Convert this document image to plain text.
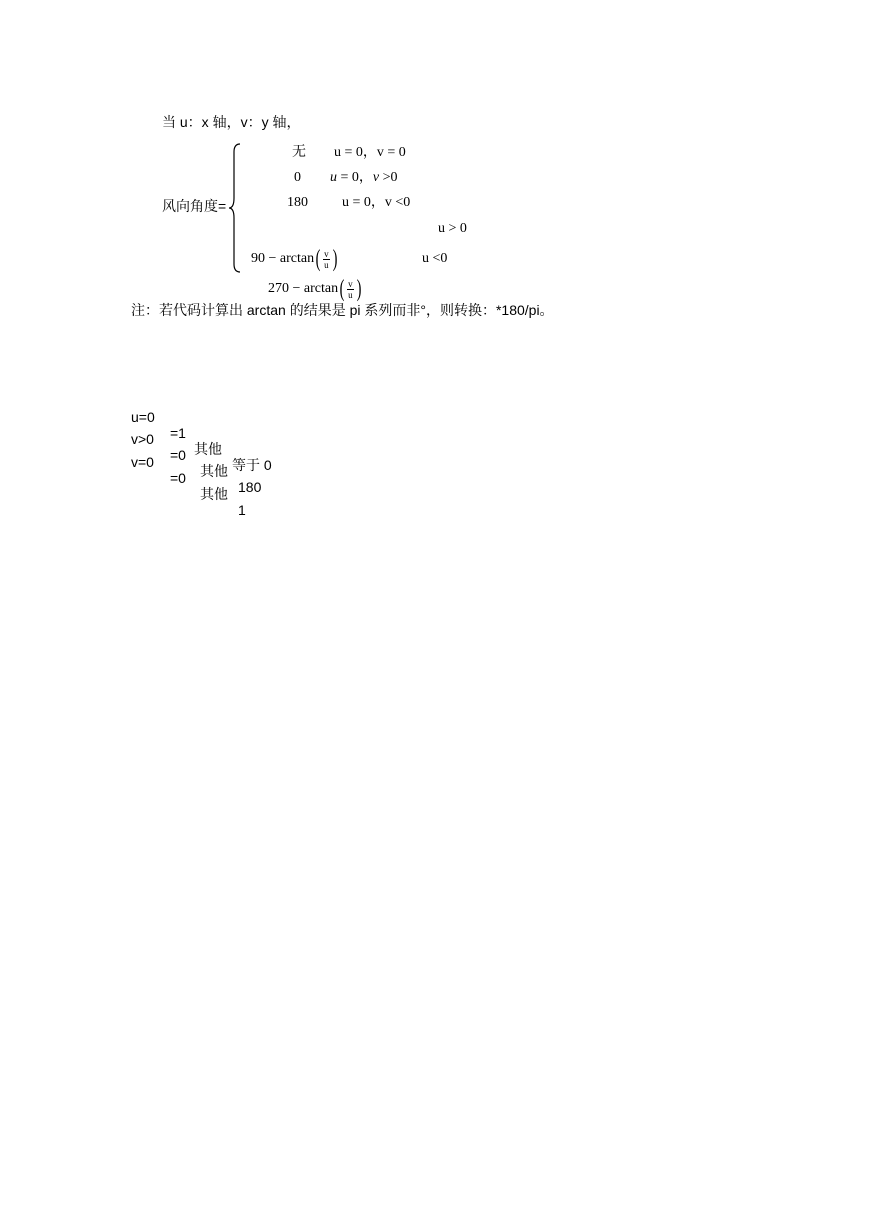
当 u：x 轴，v：y 轴，
风向角度=
无 u = 0，v = 0
0 u = 0，v >0
180 u = 0，v <0

$90 - \arctan( \frac{v}{u}$ )

u > 0

$270 - \arctan( \frac{v}{u}$ )

u <0
注：若代码计算出 arctan 的结果是 pi 系列而非°，则转换：*180/pi。

u=0

=1

其他

等于 0

v>0

=0

其他

180

v=0

=0

其他

1
